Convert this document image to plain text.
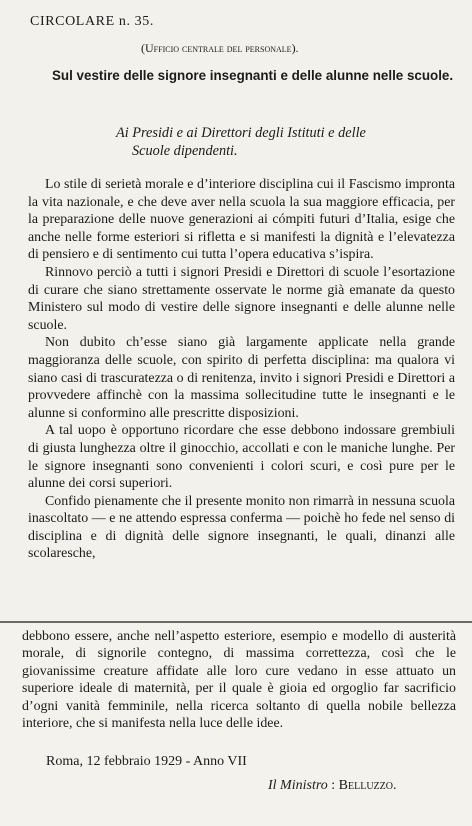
CIRCOLARE n. 35.
(Ufficio centrale del personale).
Sul vestire delle signore insegnanti e delle alunne nelle scuole.
Ai Presidi e ai Direttori degli Istituti e delle
Scuole dipendenti.

Lo stile di serietà morale e d’interiore disciplina cui il Fascismo impronta la vita nazionale, e che deve aver nella scuola la sua maggiore efficacia, per la preparazione delle nuove generazioni ai cómpiti futuri d’Italia, esige che anche nelle forme esteriori si rifletta e si manifesti la dignità e l’elevatezza di pensiero e di sentimento cui tutta l’opera educativa s’ispira.

Rinnovo perciò a tutti i signori Presidi e Direttori di scuole l’esortazione di curare che siano strettamente osservate le norme già emanate da questo Ministero sul modo di vestire delle signore insegnanti e delle alunne nelle scuole.

Non dubito ch’esse siano già largamente applicate nella grande maggioranza delle scuole, con spirito di perfetta disciplina: ma qualora vi siano casi di trascuratezza o di renitenza, invito i signori Presidi e Direttori a provvedere affinchè con la massima sollecitudine tutte le insegnanti e le alunne si conformino alle prescritte disposizioni.

A tal uopo è opportuno ricordare che esse debbono indossare grembiuli di giusta lunghezza oltre il ginocchio, accollati e con le maniche lunghe. Per le signore insegnanti sono convenienti i colori scuri, e così pure per le alunne dei corsi superiori.

Confido pienamente che il presente monito non rimarrà in nessuna scuola inascoltato — e ne attendo espressa conferma — poichè ho fede nel senso di disciplina e di dignità delle signore insegnanti, le quali, dinanzi alle scolaresche,

debbono essere, anche nell’aspetto esteriore, esempio e modello di austerità morale, di signorile contegno, di massima correttezza, così che le giovanissime creature affidate alle loro cure vedano in esse attuato un superiore ideale di maternità, per il quale è gioia ed orgoglio far sacrificio d’ogni vanità femminile, nella ricerca soltanto di quella nobile bellezza interiore, che si manifesta nella luce delle idee.

Roma, 12 febbraio 1929 - Anno VII
Il Ministro : Belluzzo.
